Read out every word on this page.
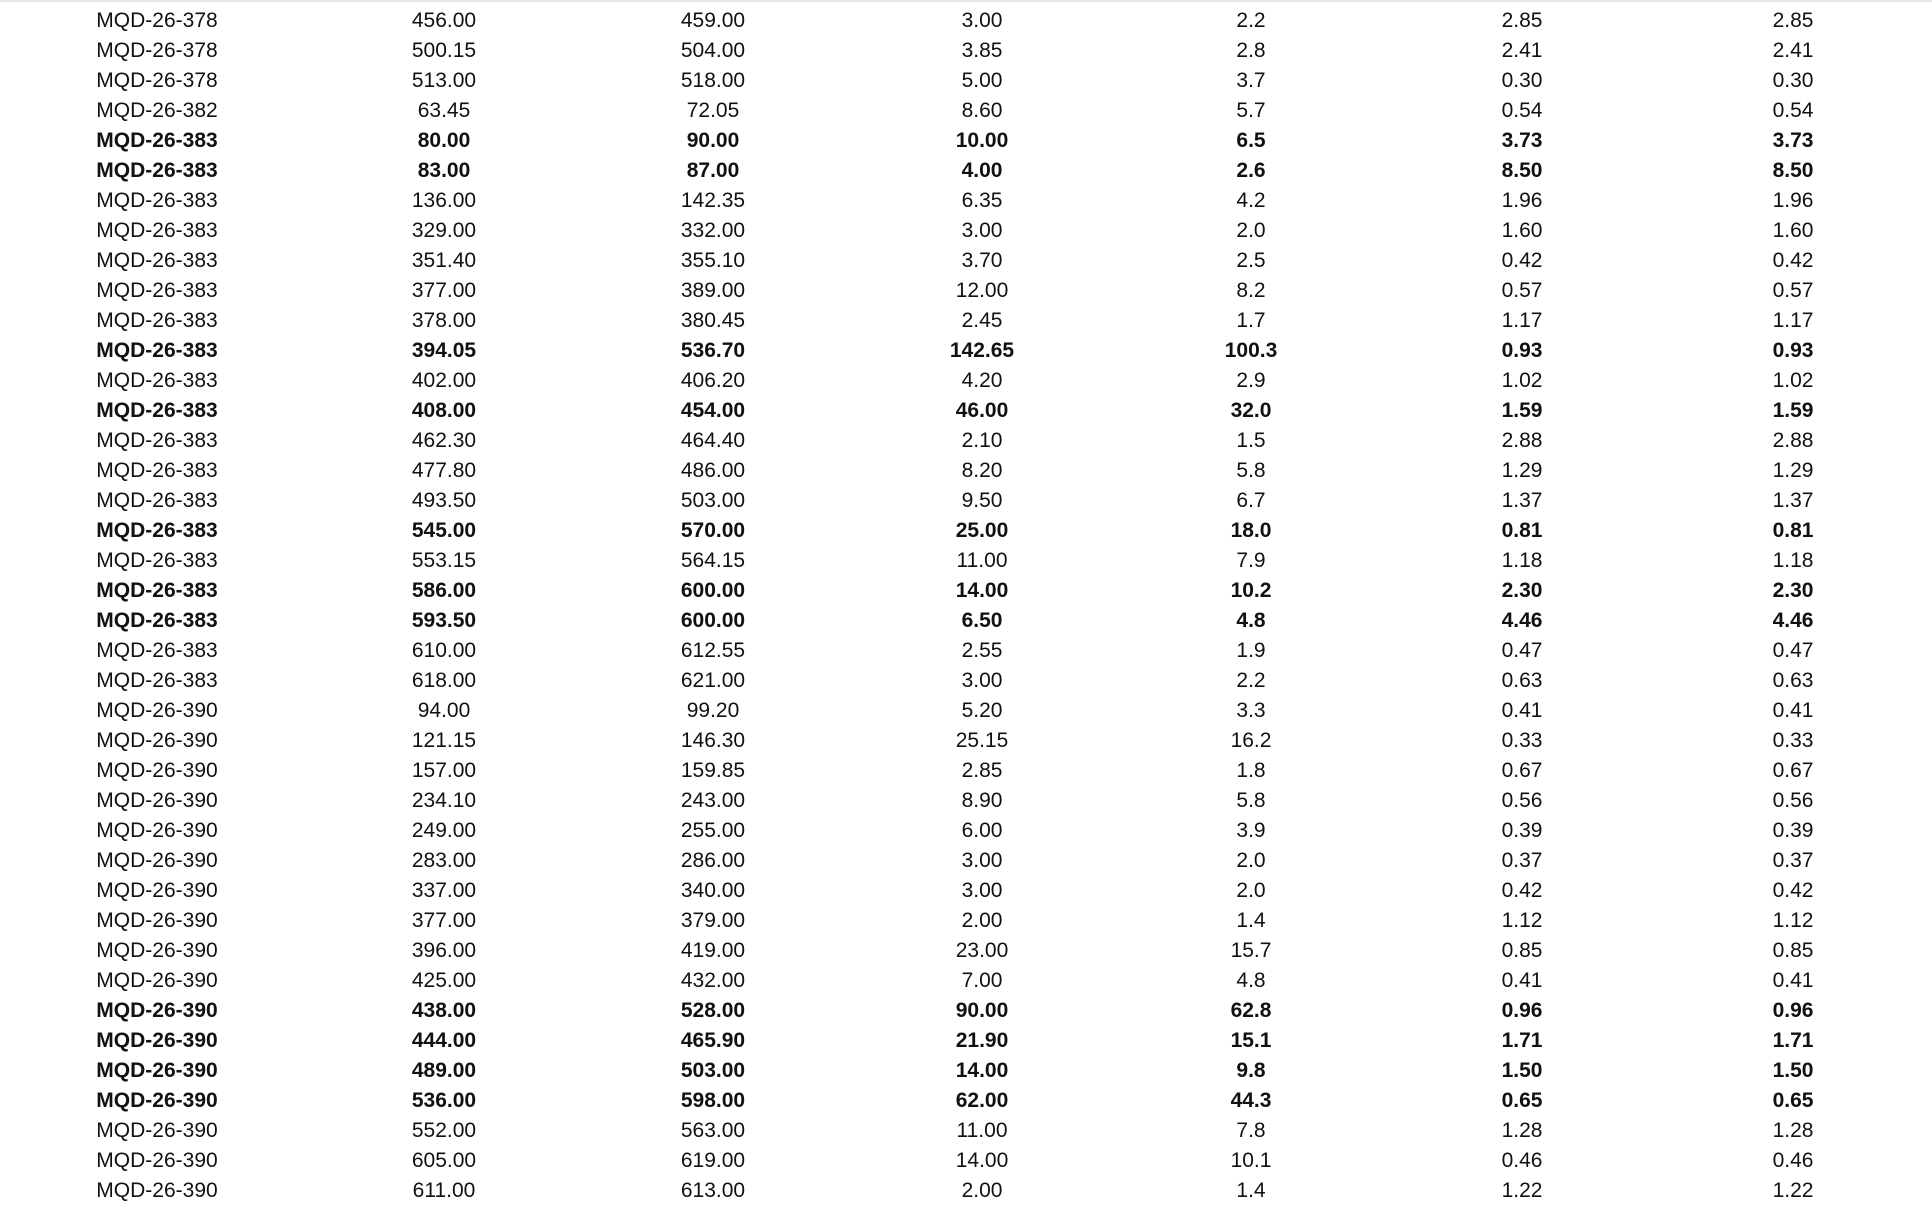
MQD-26-378	456.00	459.00	3.00	2.2	2.85	2.85
MQD-26-378	500.15	504.00	3.85	2.8	2.41	2.41
MQD-26-378	513.00	518.00	5.00	3.7	0.30	0.30
MQD-26-382	63.45	72.05	8.60	5.7	0.54	0.54
MQD-26-383	80.00	90.00	10.00	6.5	3.73	3.73
MQD-26-383	83.00	87.00	4.00	2.6	8.50	8.50
MQD-26-383	136.00	142.35	6.35	4.2	1.96	1.96
MQD-26-383	329.00	332.00	3.00	2.0	1.60	1.60
MQD-26-383	351.40	355.10	3.70	2.5	0.42	0.42
MQD-26-383	377.00	389.00	12.00	8.2	0.57	0.57
MQD-26-383	378.00	380.45	2.45	1.7	1.17	1.17
MQD-26-383	394.05	536.70	142.65	100.3	0.93	0.93
MQD-26-383	402.00	406.20	4.20	2.9	1.02	1.02
MQD-26-383	408.00	454.00	46.00	32.0	1.59	1.59
MQD-26-383	462.30	464.40	2.10	1.5	2.88	2.88
MQD-26-383	477.80	486.00	8.20	5.8	1.29	1.29
MQD-26-383	493.50	503.00	9.50	6.7	1.37	1.37
MQD-26-383	545.00	570.00	25.00	18.0	0.81	0.81
MQD-26-383	553.15	564.15	11.00	7.9	1.18	1.18
MQD-26-383	586.00	600.00	14.00	10.2	2.30	2.30
MQD-26-383	593.50	600.00	6.50	4.8	4.46	4.46
MQD-26-383	610.00	612.55	2.55	1.9	0.47	0.47
MQD-26-383	618.00	621.00	3.00	2.2	0.63	0.63
MQD-26-390	94.00	99.20	5.20	3.3	0.41	0.41
MQD-26-390	121.15	146.30	25.15	16.2	0.33	0.33
MQD-26-390	157.00	159.85	2.85	1.8	0.67	0.67
MQD-26-390	234.10	243.00	8.90	5.8	0.56	0.56
MQD-26-390	249.00	255.00	6.00	3.9	0.39	0.39
MQD-26-390	283.00	286.00	3.00	2.0	0.37	0.37
MQD-26-390	337.00	340.00	3.00	2.0	0.42	0.42
MQD-26-390	377.00	379.00	2.00	1.4	1.12	1.12
MQD-26-390	396.00	419.00	23.00	15.7	0.85	0.85
MQD-26-390	425.00	432.00	7.00	4.8	0.41	0.41
MQD-26-390	438.00	528.00	90.00	62.8	0.96	0.96
MQD-26-390	444.00	465.90	21.90	15.1	1.71	1.71
MQD-26-390	489.00	503.00	14.00	9.8	1.50	1.50
MQD-26-390	536.00	598.00	62.00	44.3	0.65	0.65
MQD-26-390	552.00	563.00	11.00	7.8	1.28	1.28
MQD-26-390	605.00	619.00	14.00	10.1	0.46	0.46
MQD-26-390	611.00	613.00	2.00	1.4	1.22	1.22
